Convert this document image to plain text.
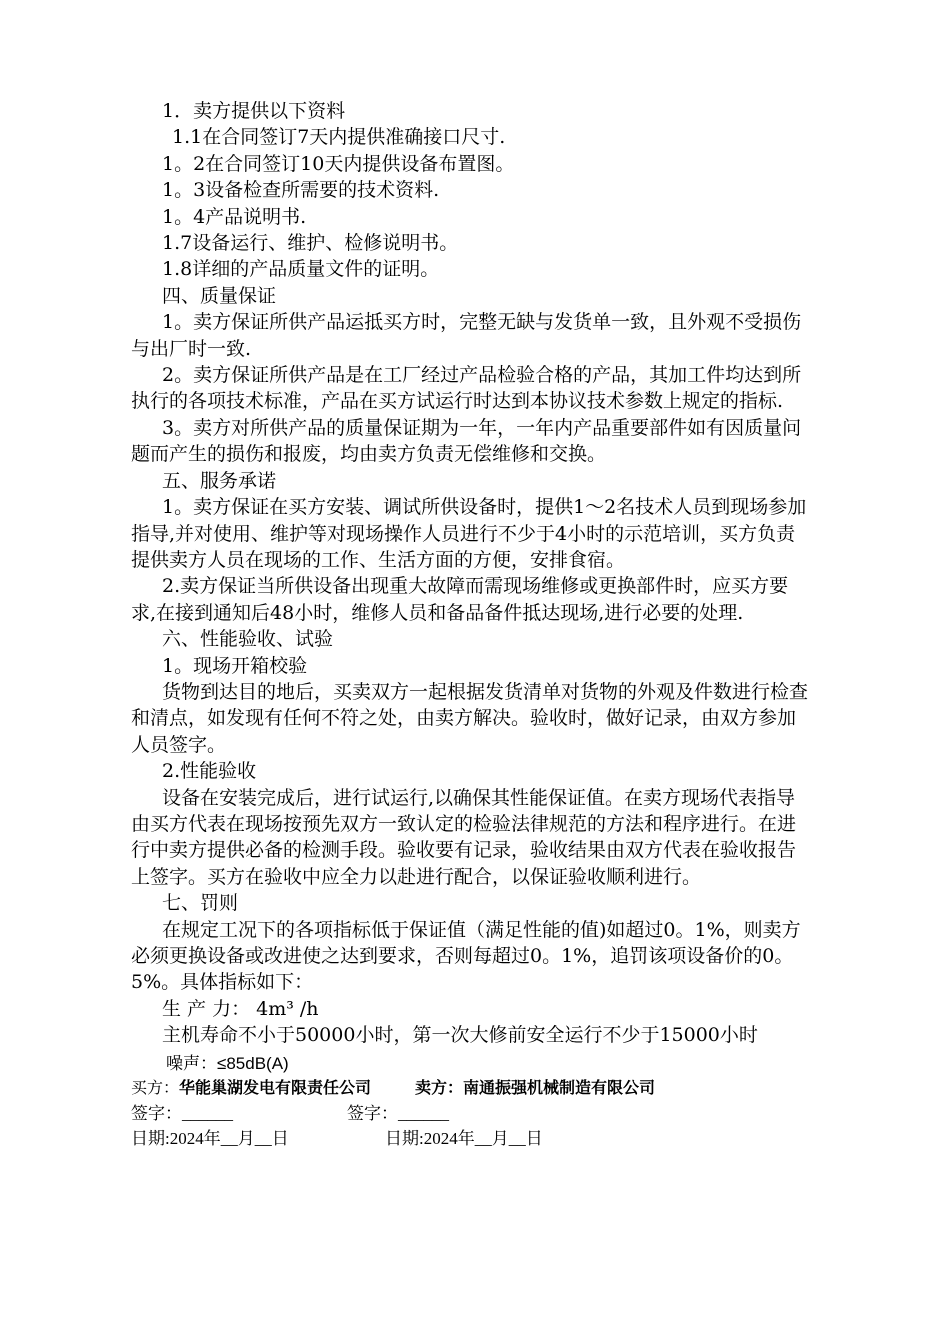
1．卖方提供以下资料

1.1在合同签订7天内提供准确接口尺寸.

1。2在合同签订10天内提供设备布置图。

1。3设备检查所需要的技术资料.

1。4产品说明书.

1.7设备运行、维护、检修说明书。

1.8详细的产品质量文件的证明。

四、质量保证

1。卖方保证所供产品运抵买方时，完整无缺与发货单一致，且外观不受损伤与出厂时一致.

2。卖方保证所供产品是在工厂经过产品检验合格的产品，其加工件均达到所执行的各项技术标准，产品在买方试运行时达到本协议技术参数上规定的指标.

3。卖方对所供产品的质量保证期为一年，一年内产品重要部件如有因质量问题而产生的损伤和报废，均由卖方负责无偿维修和交换。

五、服务承诺

1。卖方保证在买方安装、调试所供设备时，提供1～2名技术人员到现场参加指导,并对使用、维护等对现场操作人员进行不少于4小时的示范培训，买方负责提供卖方人员在现场的工作、生活方面的方便，安排食宿。

2.卖方保证当所供设备出现重大故障而需现场维修或更换部件时，应买方要求,在接到通知后48小时，维修人员和备品备件抵达现场,进行必要的处理.

六、性能验收、试验

1。现场开箱校验

货物到达目的地后，买卖双方一起根据发货清单对货物的外观及件数进行检查和清点，如发现有任何不符之处，由卖方解决。验收时，做好记录，由双方参加人员签字。

2.性能验收

设备在安装完成后，进行试运行,以确保其性能保证值。在卖方现场代表指导由买方代表在现场按预先双方一致认定的检验法律规范的方法和程序进行。在进行中卖方提供必备的检测手段。验收要有记录，验收结果由双方代表在验收报告上签字。买方在验收中应全力以赴进行配合，以保证验收顺利进行。

七、罚则

在规定工况下的各项指标低于保证值（满足性能的值)如超过0。1%，则卖方必须更换设备或改进使之达到要求，否则每超过0。1%，追罚该项设备价的0。5%。具体指标如下：

生 产 力： 4m³ /h

主机寿命不小于50000小时，第一次大修前安全运行不少于15000小时

噪声：≤85dB(A)
买方：华能巢湖发电有限责任公司	卖方：南通振强机械制造有限公司
签字：______	签字：______
日期:2024年__月__日	日期:2024年__月__日
